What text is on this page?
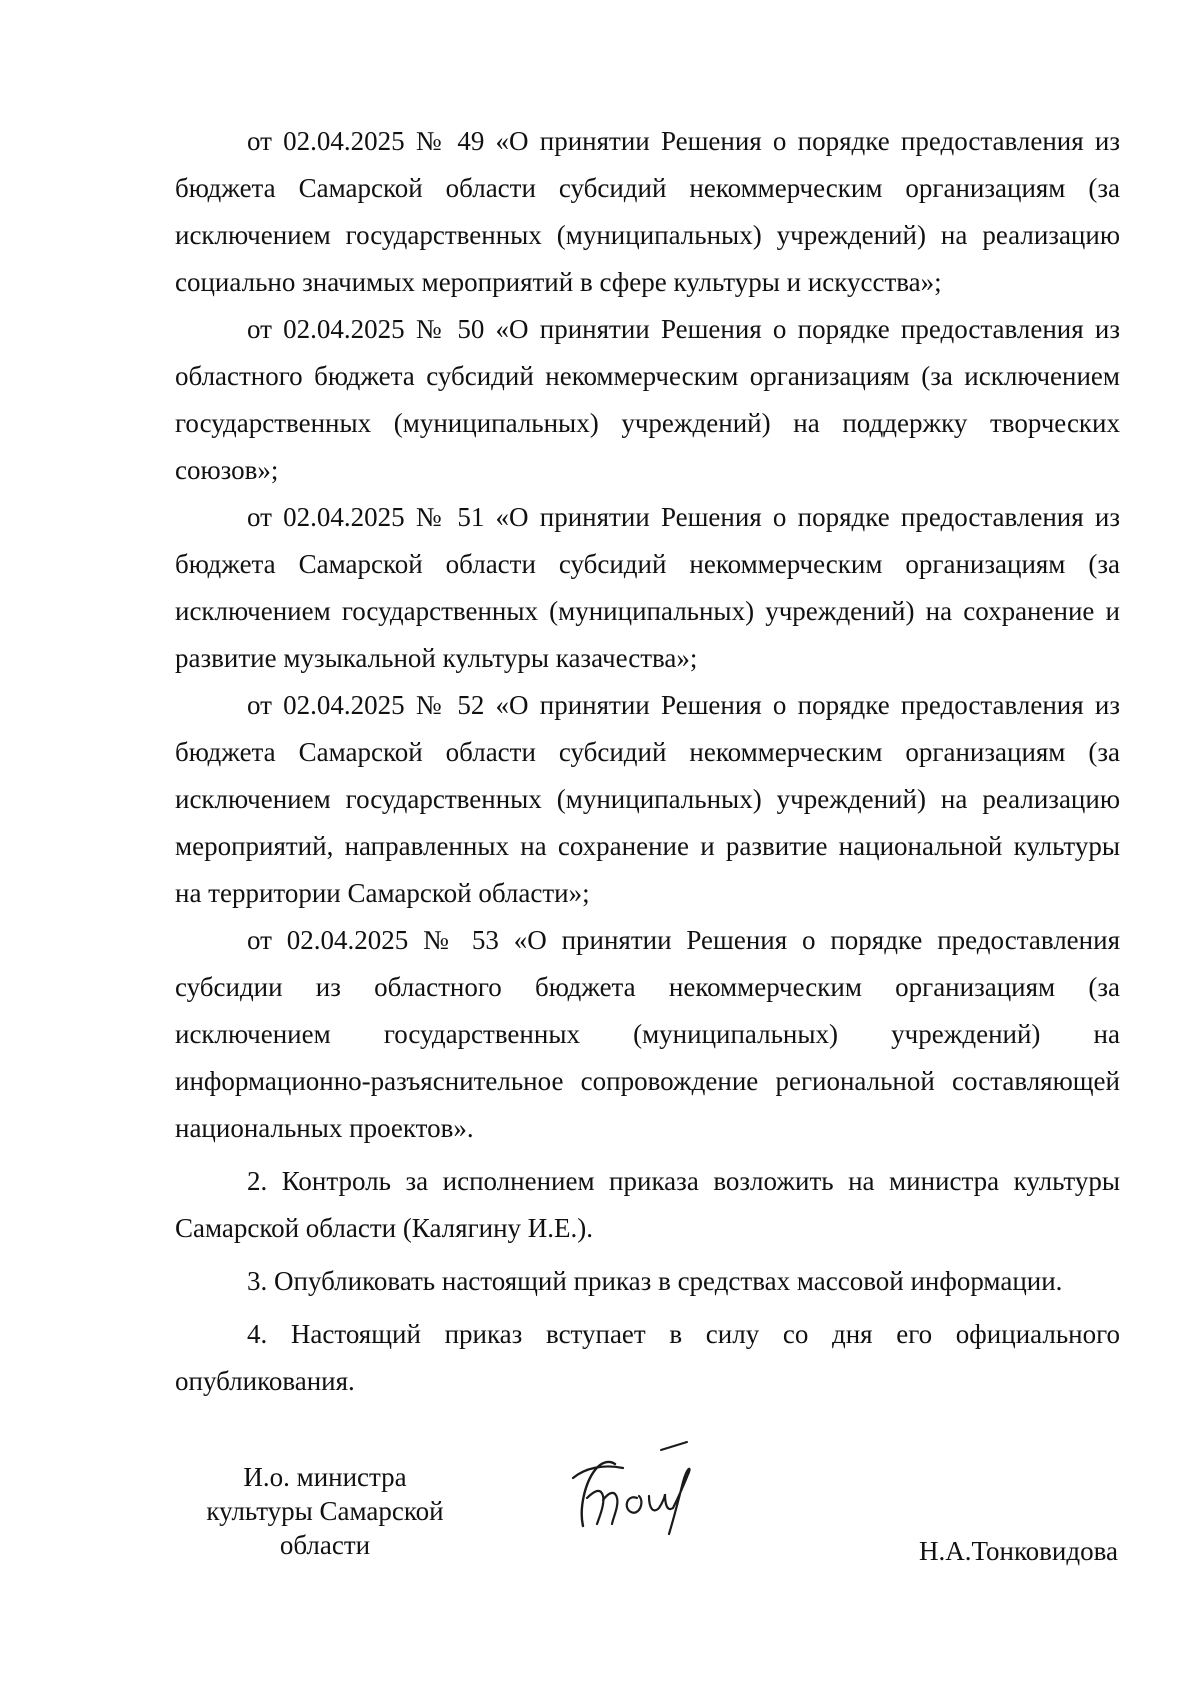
от 02.04.2025 № 49 «О принятии Решения о порядке предоставления из бюджета Самарской области субсидий некоммерческим организациям (за исключением государственных (муниципальных) учреждений) на реализацию социально значимых мероприятий в сфере культуры и искусства»;

от 02.04.2025 № 50 «О принятии Решения о порядке предоставления из областного бюджета субсидий некоммерческим организациям (за исключением государственных (муниципальных) учреждений) на поддержку творческих союзов»;

от 02.04.2025 № 51 «О принятии Решения о порядке предоставления из бюджета Самарской области субсидий некоммерческим организациям (за исключением государственных (муниципальных) учреждений) на сохранение и развитие музыкальной культуры казачества»;

от 02.04.2025 № 52 «О принятии Решения о порядке предоставления из бюджета Самарской области субсидий некоммерческим организациям (за исключением государственных (муниципальных) учреждений) на реализацию мероприятий, направленных на сохранение и развитие национальной культуры на территории Самарской области»;

от 02.04.2025 № 53 «О принятии Решения о порядке предоставления субсидии из областного бюджета некоммерческим организациям (за исключением государственных (муниципальных) учреждений) на информационно-разъяснительное сопровождение региональной составляющей национальных проектов».

2. Контроль за исполнением приказа возложить на министра культуры Самарской области (Калягину И.Е.).

3. Опубликовать настоящий приказ в средствах массовой информации.

4. Настоящий приказ вступает в силу со дня его официального опубликования.

И.о. министра
культуры Самарской
области	Н.А.Тонковидова
